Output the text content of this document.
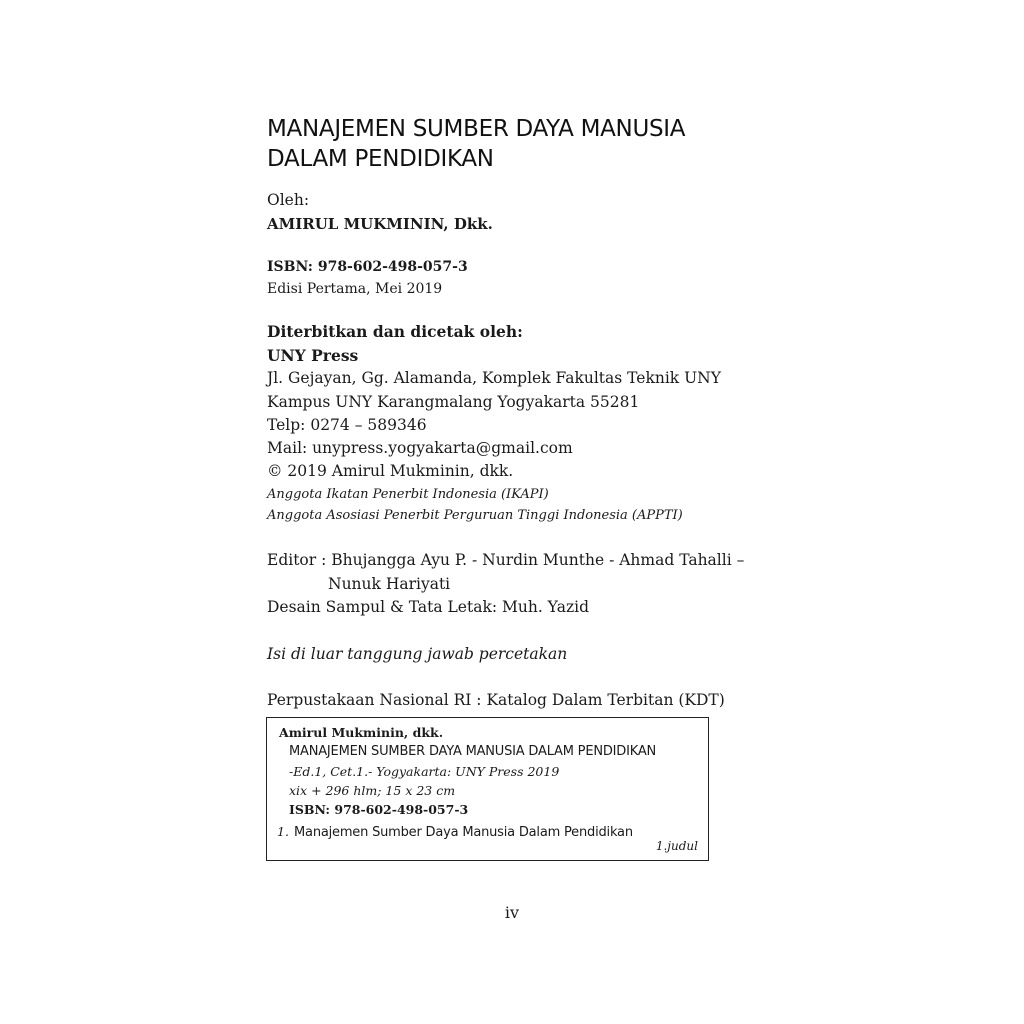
MANAJEMEN SUMBER DAYA MANUSIA
DALAM PENDIDIKAN
Oleh:
AMIRUL MUKMININ, Dkk.
ISBN: 978-602-498-057-3
Edisi Pertama, Mei 2019
Diterbitkan dan dicetak oleh:
UNY Press
Jl. Gejayan, Gg. Alamanda, Komplek Fakultas Teknik UNY
Kampus UNY Karangmalang Yogyakarta 55281
Telp: 0274 – 589346
Mail: unypress.yogyakarta@gmail.com
© 2019 Amirul Mukminin, dkk.
Anggota Ikatan Penerbit Indonesia (IKAPI)
Anggota Asosiasi Penerbit Perguruan Tinggi Indonesia (APPTI)
Editor : Bhujangga Ayu P. - Nurdin Munthe - Ahmad Tahalli –
Nunuk Hariyati
Desain Sampul & Tata Letak: Muh. Yazid
Isi di luar tanggung jawab percetakan
Perpustakaan Nasional RI : Katalog Dalam Terbitan (KDT)
Amirul Mukminin, dkk.
MANAJEMEN SUMBER DAYA MANUSIA DALAM PENDIDIKAN
-Ed.1, Cet.1.- Yogyakarta: UNY Press 2019
xix + 296 hlm; 15 x 23 cm
ISBN: 978-602-498-057-3
1. Manajemen Sumber Daya Manusia Dalam Pendidikan
1.judul
iv
